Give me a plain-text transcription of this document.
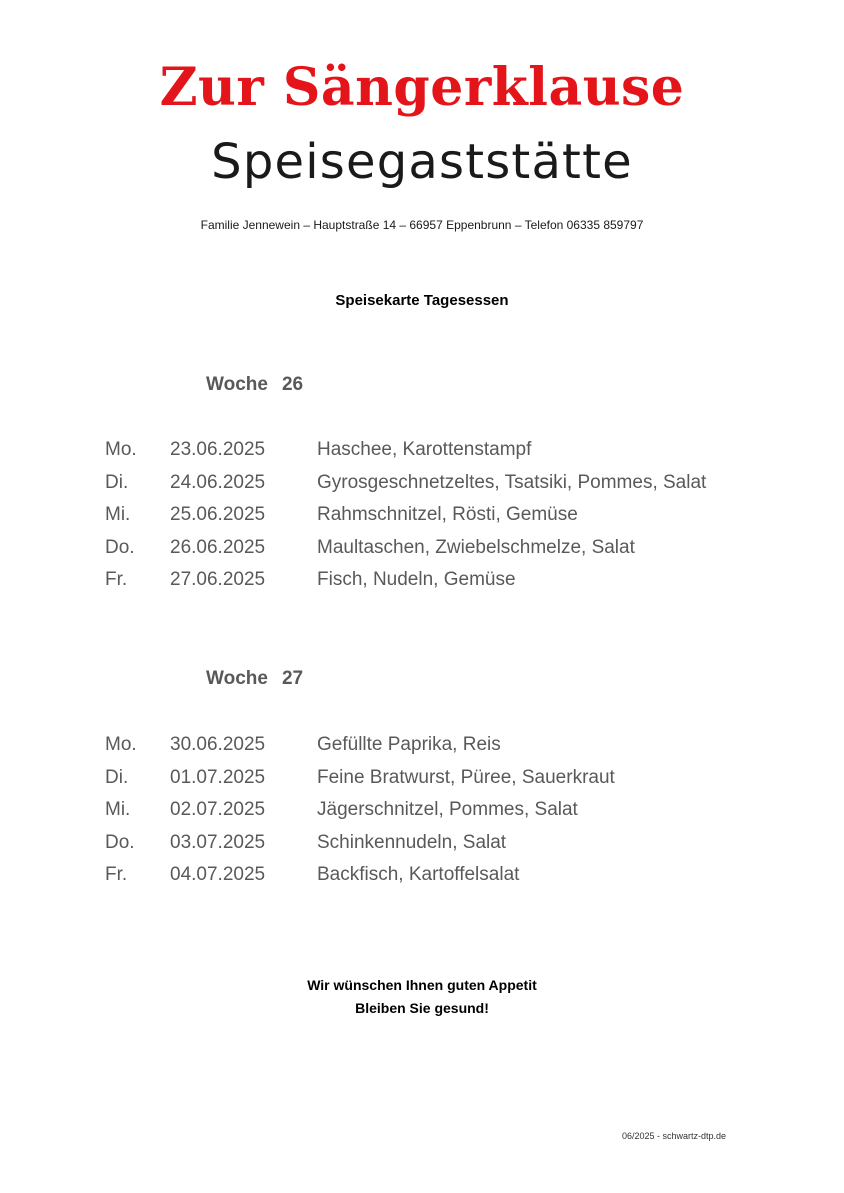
Zur Sängerklause
Speisegaststätte
Familie Jennewein – Hauptstraße 14 – 66957 Eppenbrunn – Telefon 06335 859797
Speisekarte Tagesessen
Woche 26
Mo. 23.06.2025	Haschee, Karottenstampf
Di. 24.06.2025	Gyrosgeschnetzeltes, Tsatsiki, Pommes, Salat
Mi. 25.06.2025	Rahmschnitzel, Rösti, Gemüse
Do. 26.06.2025	Maultaschen, Zwiebelschmelze, Salat
Fr. 27.06.2025	Fisch, Nudeln, Gemüse
Woche 27
Mo. 30.06.2025	Gefüllte Paprika, Reis
Di. 01.07.2025	Feine Bratwurst, Püree, Sauerkraut
Mi. 02.07.2025	Jägerschnitzel, Pommes, Salat
Do. 03.07.2025	Schinkennudeln, Salat
Fr. 04.07.2025	Backfisch, Kartoffelsalat
Wir wünschen Ihnen guten Appetit
Bleiben Sie gesund!
06/2025 - schwartz-dtp.de
